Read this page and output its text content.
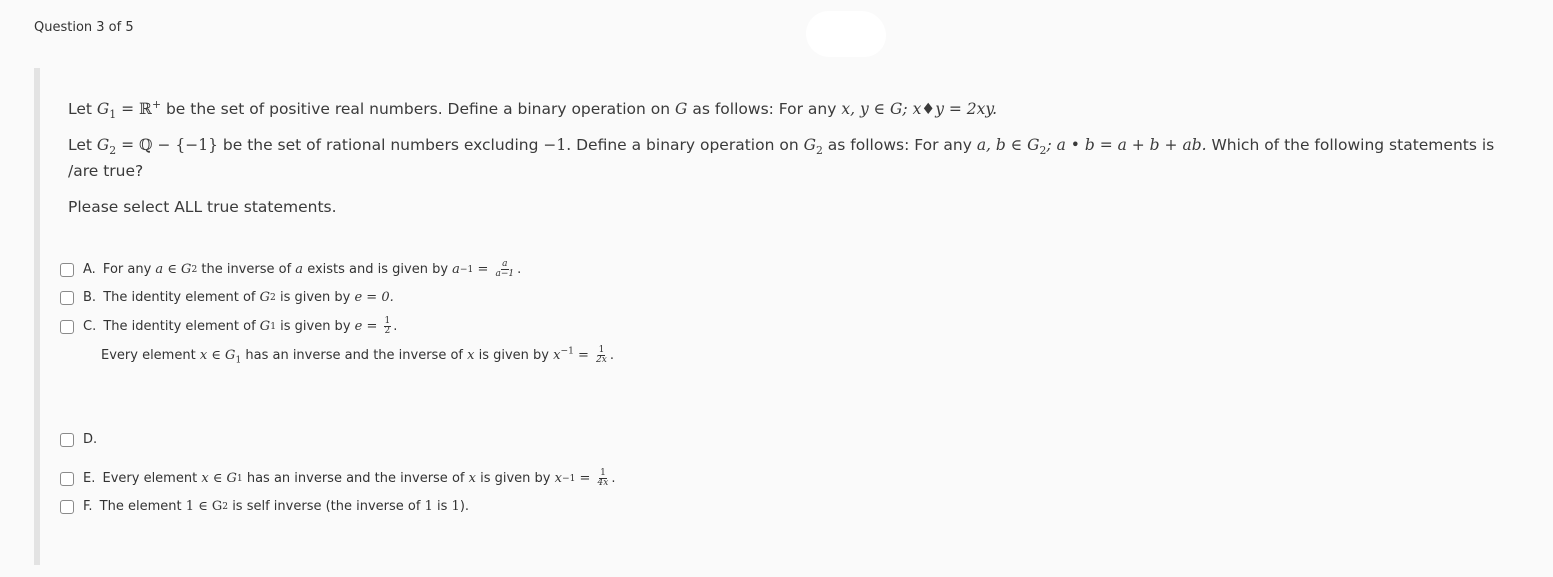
Question 3 of 5

Let $G_1$ = ℝ+ be the set of positive real numbers. Define a binary operation on G as follows: For any x, y ∈ G; x♦y = 2xy.

Let $G_2$ = ℚ − {−1} be the set of rational numbers excluding −1. Define a binary operation on $G_2$ as follows: For any a, b ∈ $G_2$; a • b = a + b + ab. Which of the following statements is /are true?

Please select ALL true statements.

A. For any a ∈ G 2 the inverse of a exists and is given by $a -1 = \frac{a}{a-1}$ .
B. The identity element of G 2 is given by e = 0.
C. The identity element of G 1 is given by $e = \frac{1}{2}$ .
Every element x ∈ $G_1$ has an inverse and the inverse of x is given by $x^{-1} = \frac{1}{2x}$ .
D.
E. Every element x ∈ G 1 has an inverse and the inverse of x is given by $x -1 = \frac{1}{4x}$ .
F. The element 1 ∈ G 2 is self inverse (the inverse of 1 is 1 ).
